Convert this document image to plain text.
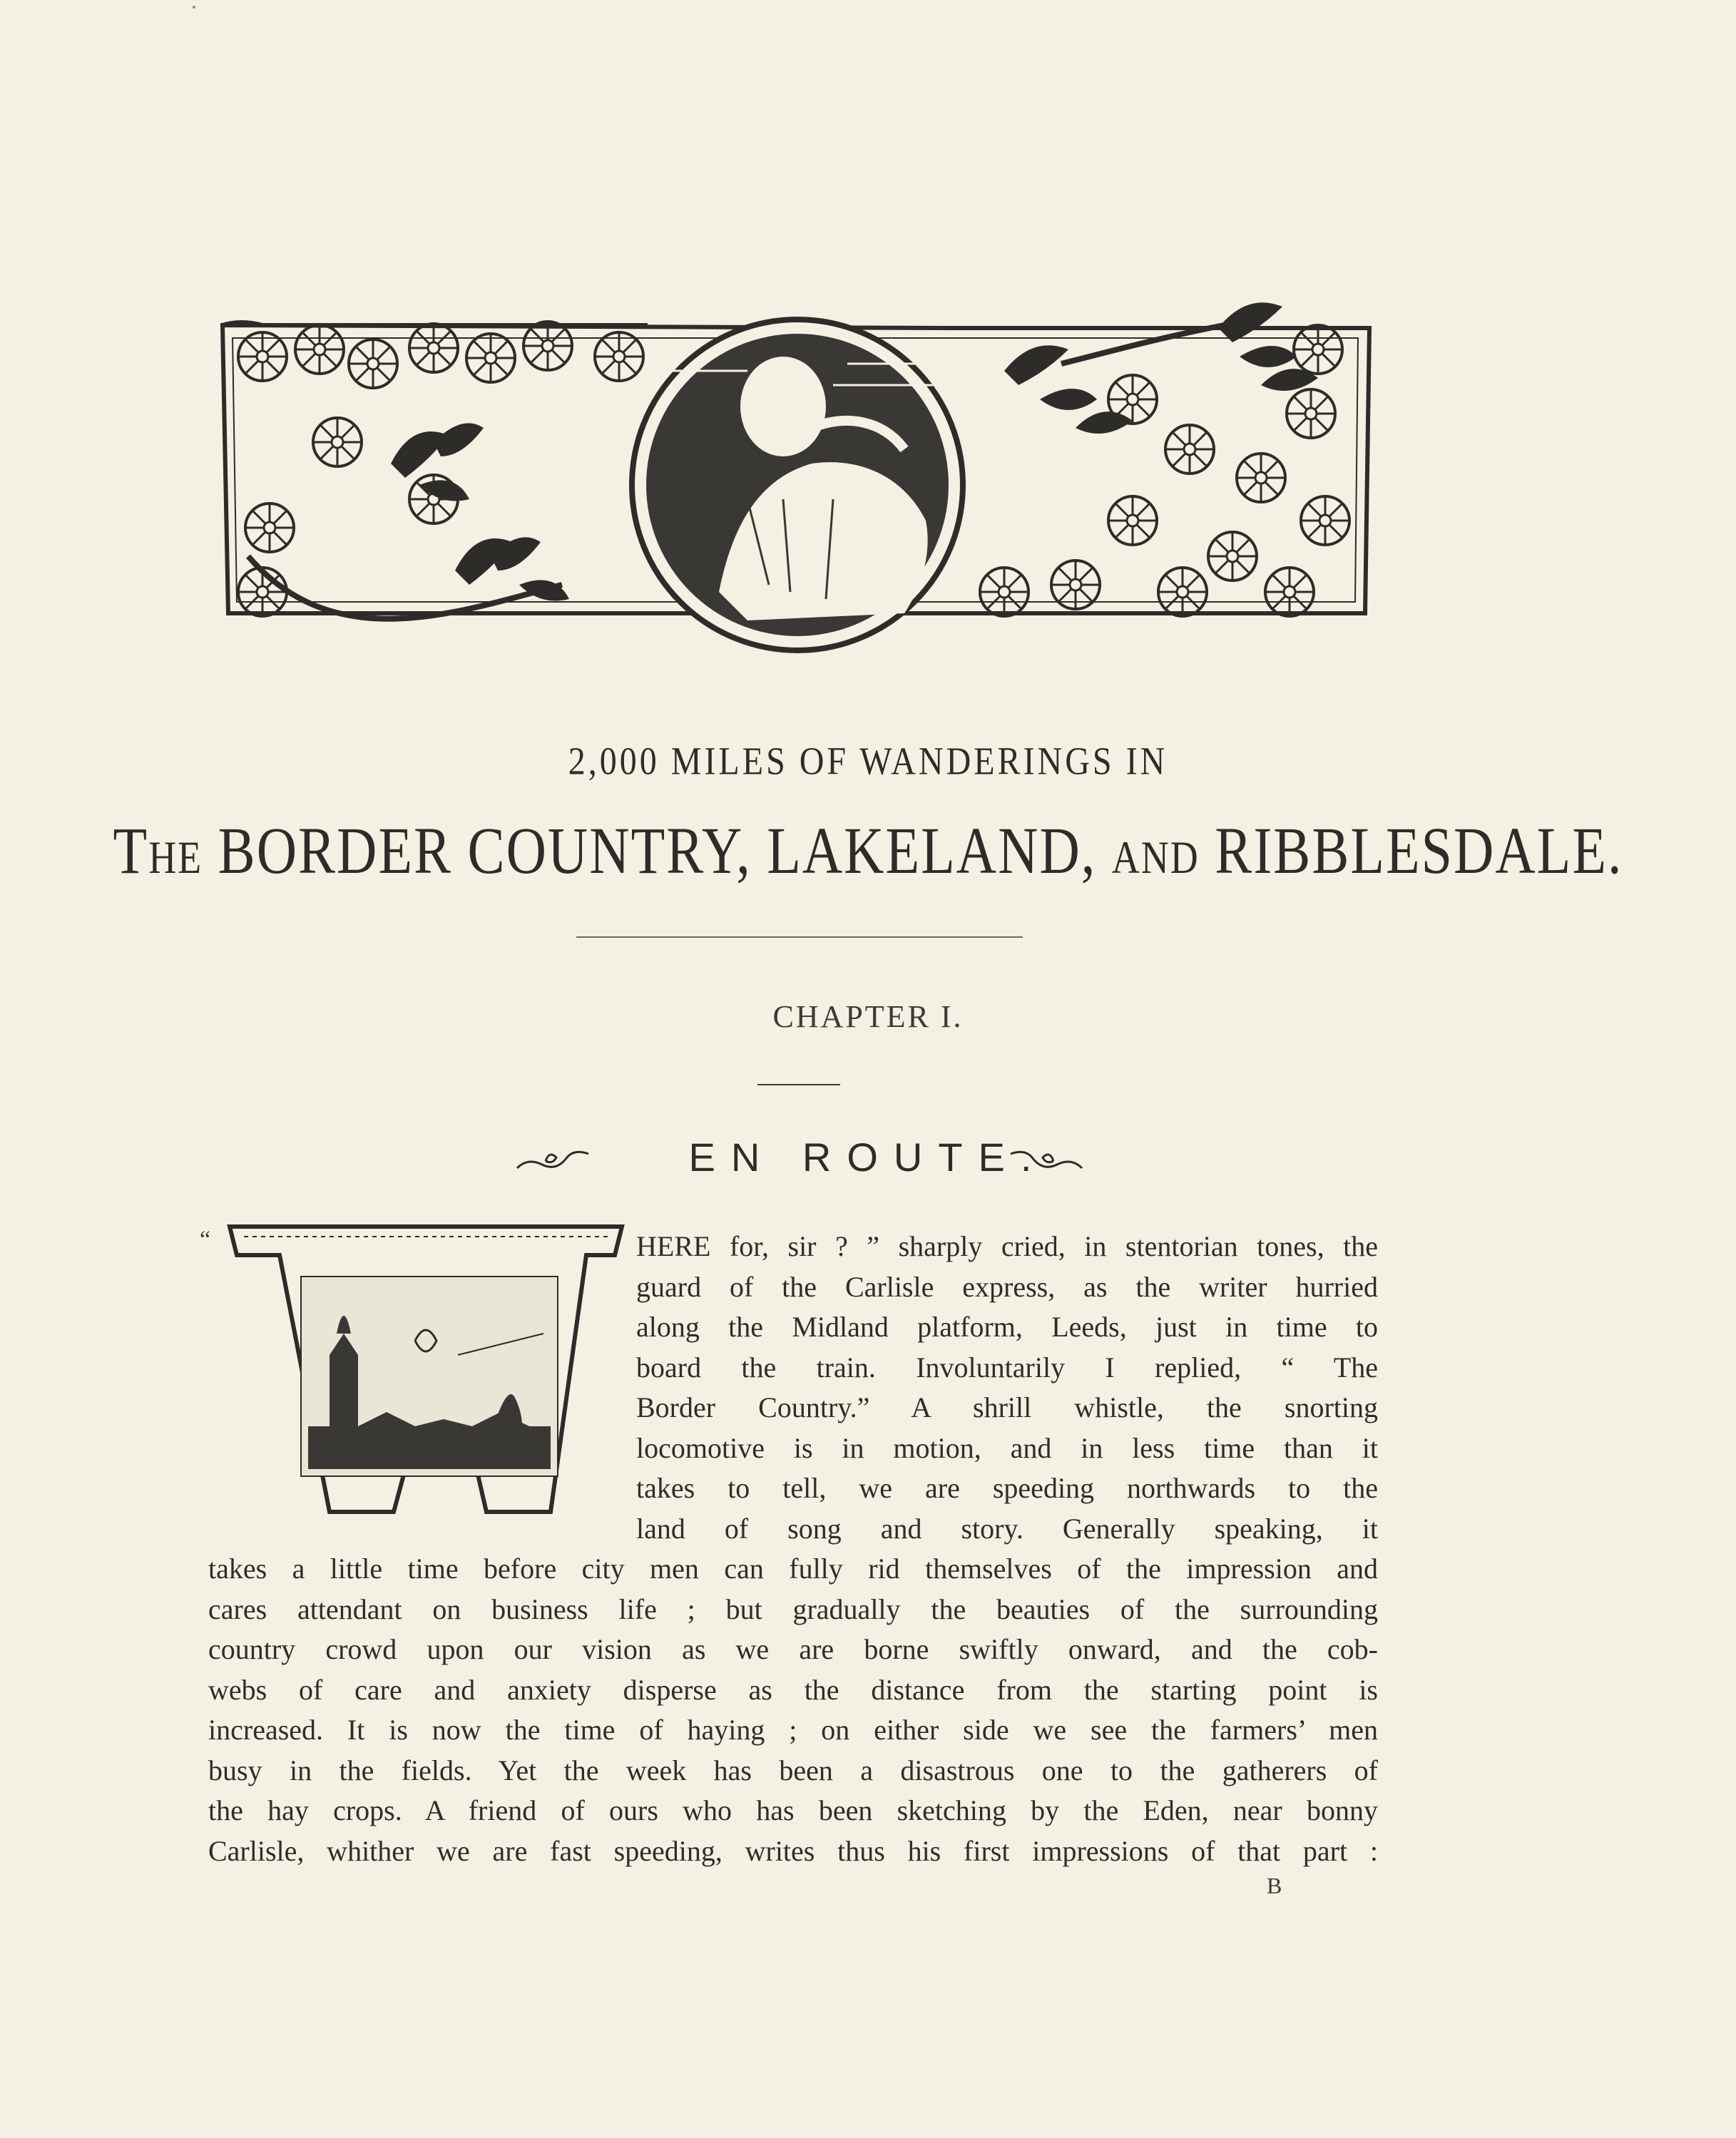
2,000 MILES OF WANDERINGS IN
THE BORDER COUNTRY, LAKELAND, AND RIBBLESDALE.
CHAPTER I.
EN ROUTE.
“	HERE for, sir ? ” sharply cried, in stentorian tones, the
guard of the Carlisle express, as the writer hurried
along the Midland platform, Leeds, just in time to
board the train. Involuntarily I replied, “ The
Border Country.” A shrill whistle, the snorting
locomotive is in motion, and in less time than it
takes to tell, we are speeding northwards to the
land of song and story. Generally speaking, it
takes a little time before city men can fully rid themselves of the impression and
cares attendant on business life ; but gradually the beauties of the surrounding
country crowd upon our vision as we are borne swiftly onward, and the cob-
webs of care and anxiety disperse as the distance from the starting point is
increased. It is now the time of haying ; on either side we see the farmers’ men
busy in the fields. Yet the week has been a disastrous one to the gatherers of
the hay crops. A friend of ours who has been sketching by the Eden, near bonny
Carlisle, whither we are fast speeding, writes thus his first impressions of that part :
B
